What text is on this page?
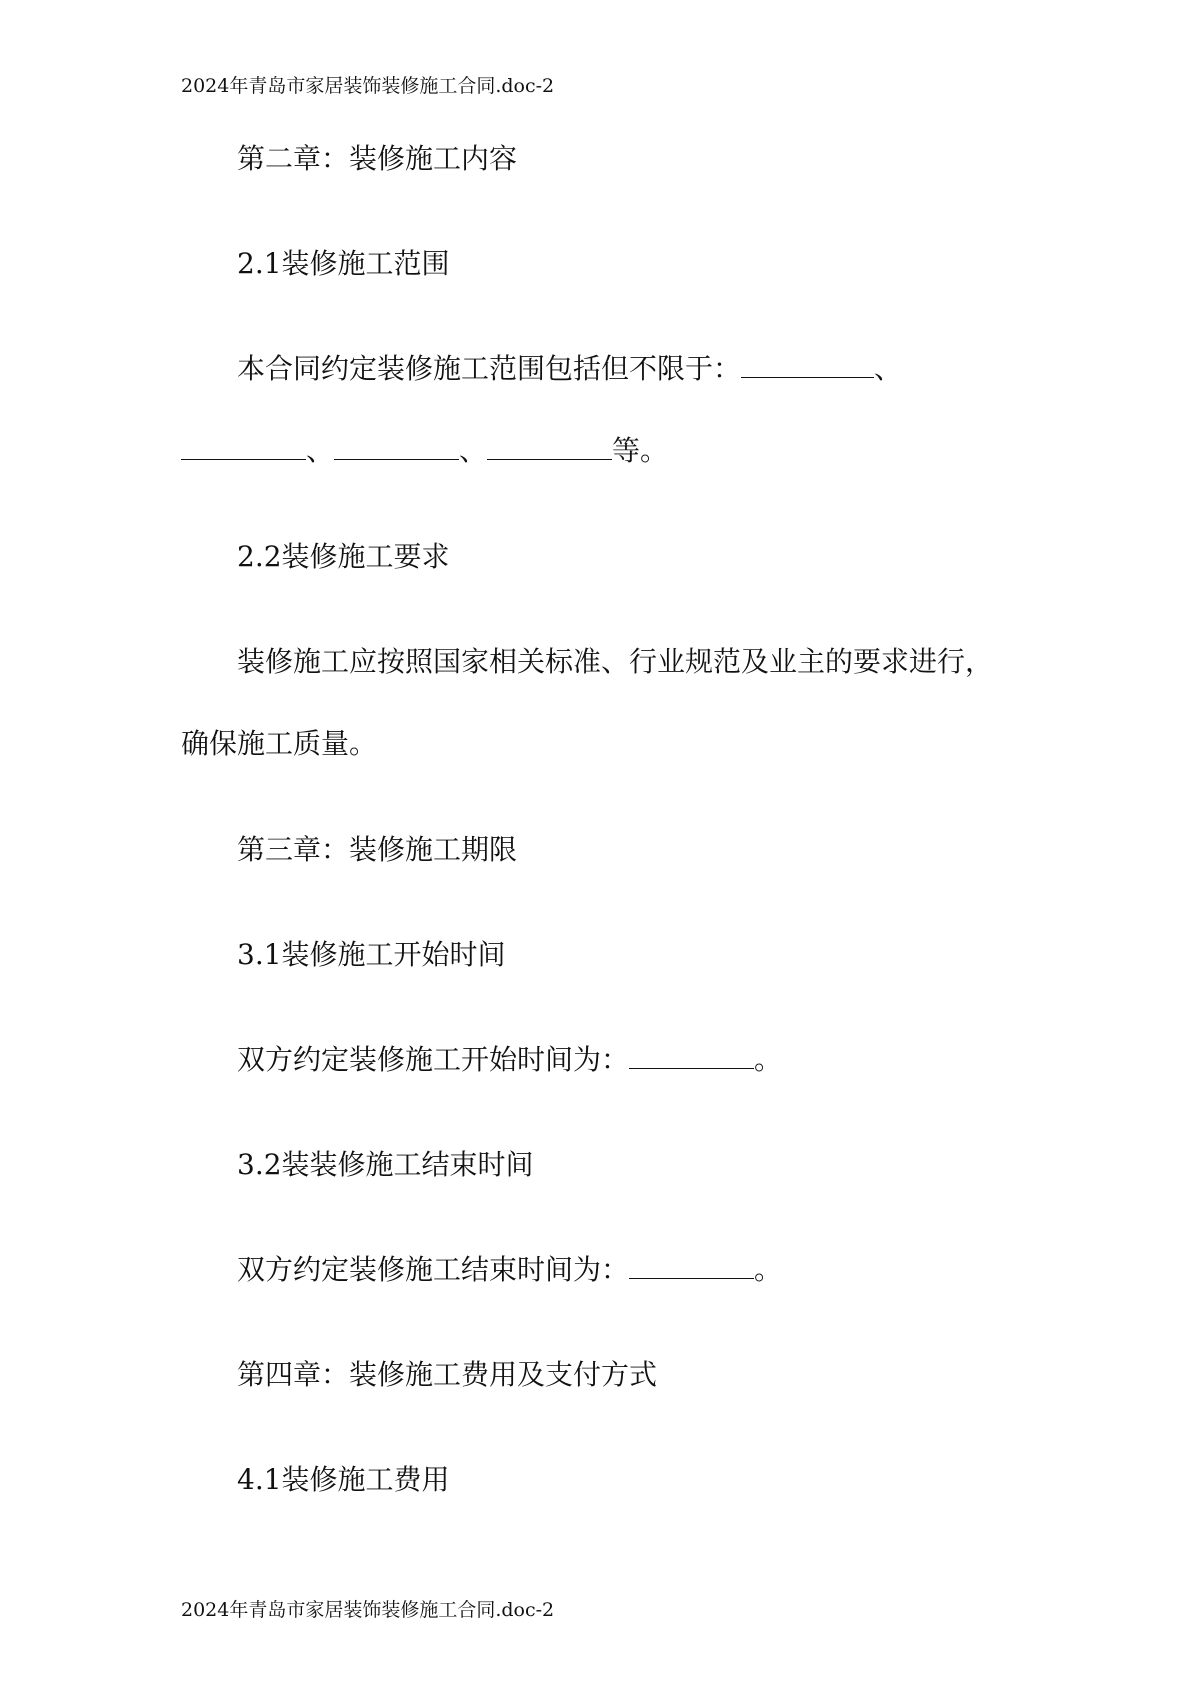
2024年青岛市家居装饰装修施工合同.doc-2
第二章：装修施工内容
2.1装修施工范围
本合同约定装修施工范围包括但不限于：	、
、	、	等。
2.2装修施工要求
装修施工应按照国家相关标准、行业规范及业主的要求进行，
确保施工质量。
第三章：装修施工期限
3.1装修施工开始时间
双方约定装修施工开始时间为：	。
3.2装装修施工结束时间
双方约定装修施工结束时间为：	。
第四章：装修施工费用及支付方式
4.1装修施工费用
2024年青岛市家居装饰装修施工合同.doc-2
